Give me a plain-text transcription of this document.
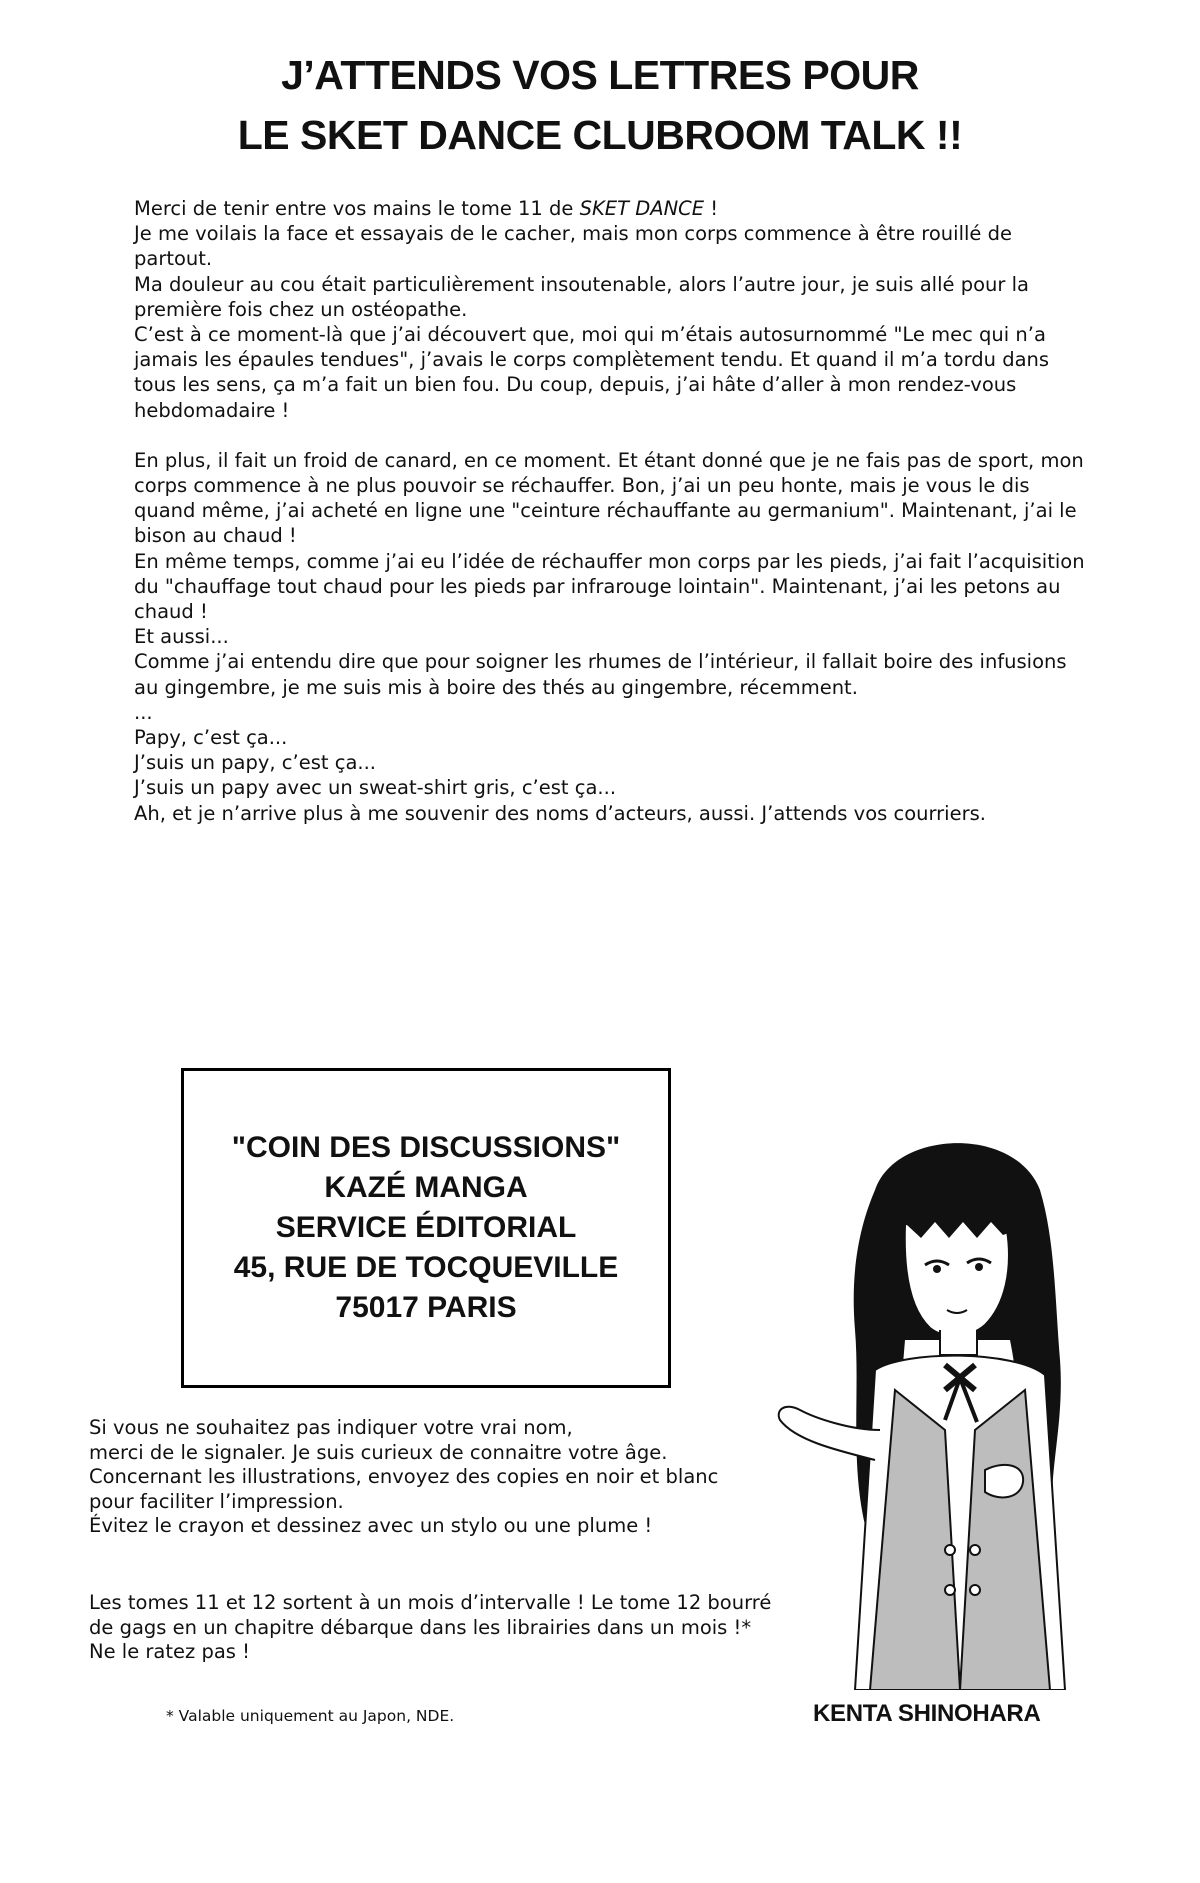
J’ATTENDS VOS LETTRES POUR
LE SKET DANCE CLUBROOM TALK !!

Merci de tenir entre vos mains le tome 11 de SKET DANCE !

Je me voilais la face et essayais de le cacher, mais mon corps commence à être rouillé de partout.

Ma douleur au cou était particulièrement insoutenable, alors l’autre jour, je suis allé pour la première fois chez un ostéopathe.

C’est à ce moment-là que j’ai découvert que, moi qui m’étais autosurnommé "Le mec qui n’a jamais les épaules tendues", j’avais le corps complètement tendu. Et quand il m’a tordu dans tous les sens, ça m’a fait un bien fou. Du coup, depuis, j’ai hâte d’aller à mon rendez-vous hebdomadaire !

En plus, il fait un froid de canard, en ce moment. Et étant donné que je ne fais pas de sport, mon corps commence à ne plus pouvoir se réchauffer. Bon, j’ai un peu honte, mais je vous le dis quand même, j’ai acheté en ligne une "ceinture réchauffante au germanium". Maintenant, j’ai le bison au chaud !

En même temps, comme j’ai eu l’idée de réchauffer mon corps par les pieds, j’ai fait l’acquisition du "chauffage tout chaud pour les pieds par infrarouge lointain". Maintenant, j’ai les petons au chaud !

Et aussi...

Comme j’ai entendu dire que pour soigner les rhumes de l’intérieur, il fallait boire des infusions au gingembre, je me suis mis à boire des thés au gingembre, récemment.

...

Papy, c’est ça...

J’suis un papy, c’est ça...

J’suis un papy avec un sweat-shirt gris, c’est ça...

Ah, et je n’arrive plus à me souvenir des noms d’acteurs, aussi. J’attends vos courriers.

"COIN DES DISCUSSIONS"
KAZÉ MANGA
SERVICE ÉDITORIAL
45, RUE DE TOCQUEVILLE
75017 PARIS

Si vous ne souhaitez pas indiquer votre vrai nom,

merci de le signaler. Je suis curieux de connaitre votre âge.

Concernant les illustrations, envoyez des copies en noir et blanc

pour faciliter l’impression.

Évitez le crayon et dessinez avec un stylo ou une plume !

Les tomes 11 et 12 sortent à un mois d’intervalle ! Le tome 12 bourré

de gags en un chapitre débarque dans les librairies dans un mois !*

Ne le ratez pas !

* Valable uniquement au Japon, NDE.	KENTA SHINOHARA
